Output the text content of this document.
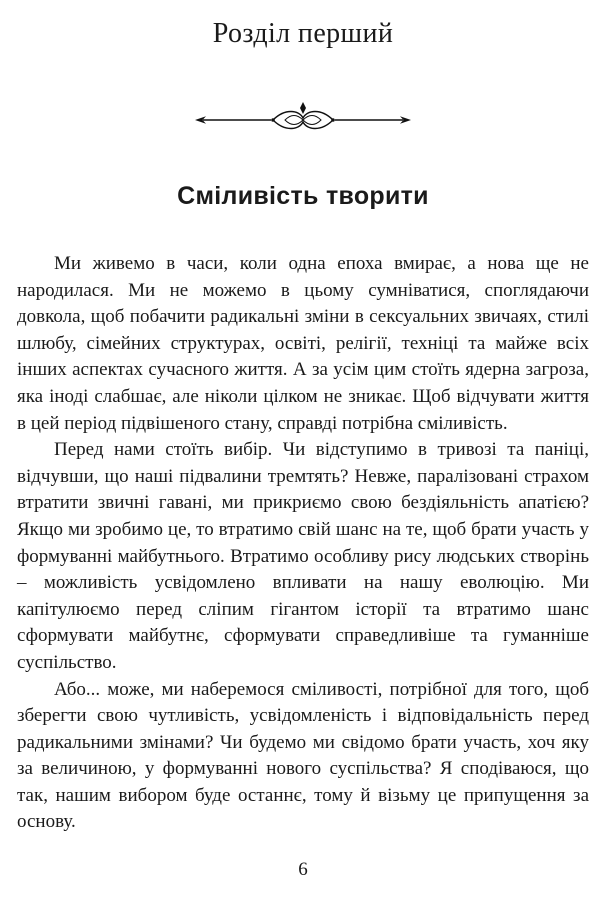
Розділ перший
Сміливість творити

Ми живемо в часи, коли одна епоха вмирає, а нова ще не народилася. Ми не можемо в цьому сумніватися, споглядаючи довкола, щоб побачити радикальні зміни в сексуальних звичаях, стилі шлюбу, сімейних структурах, освіті, релігії, техніці та майже всіх інших аспектах сучасного життя. А за усім цим стоїть ядерна загроза, яка іноді слабшає, але ніколи цілком не зникає. Щоб відчувати життя в цей період підвішеного стану, справді потрібна сміливість.

Перед нами стоїть вибір. Чи відступимо в тривозі та паніці, відчувши, що наші підвалини тремтять? Невже, паралізовані страхом втратити звичні гавані, ми прикриємо свою бездіяльність апатією? Якщо ми зробимо це, то втратимо свій шанс на те, щоб брати участь у формуванні майбутнього. Втратимо особливу рису людських створінь – можливість усвідомлено впливати на нашу еволюцію. Ми капітулюємо перед сліпим гігантом історії та втратимо шанс сформувати майбутнє, сформувати справедливіше та гуманніше суспільство.

Або... може, ми наберемося сміливості, потрібної для того, щоб зберегти свою чутливість, усвідомленість і відповідальність перед радикальними змінами? Чи будемо ми свідомо брати участь, хоч яку за величиною, у формуванні нового суспільства? Я сподіваюся, що так, нашим вибором буде останнє, тому й візьму це припущення за основу.

6
